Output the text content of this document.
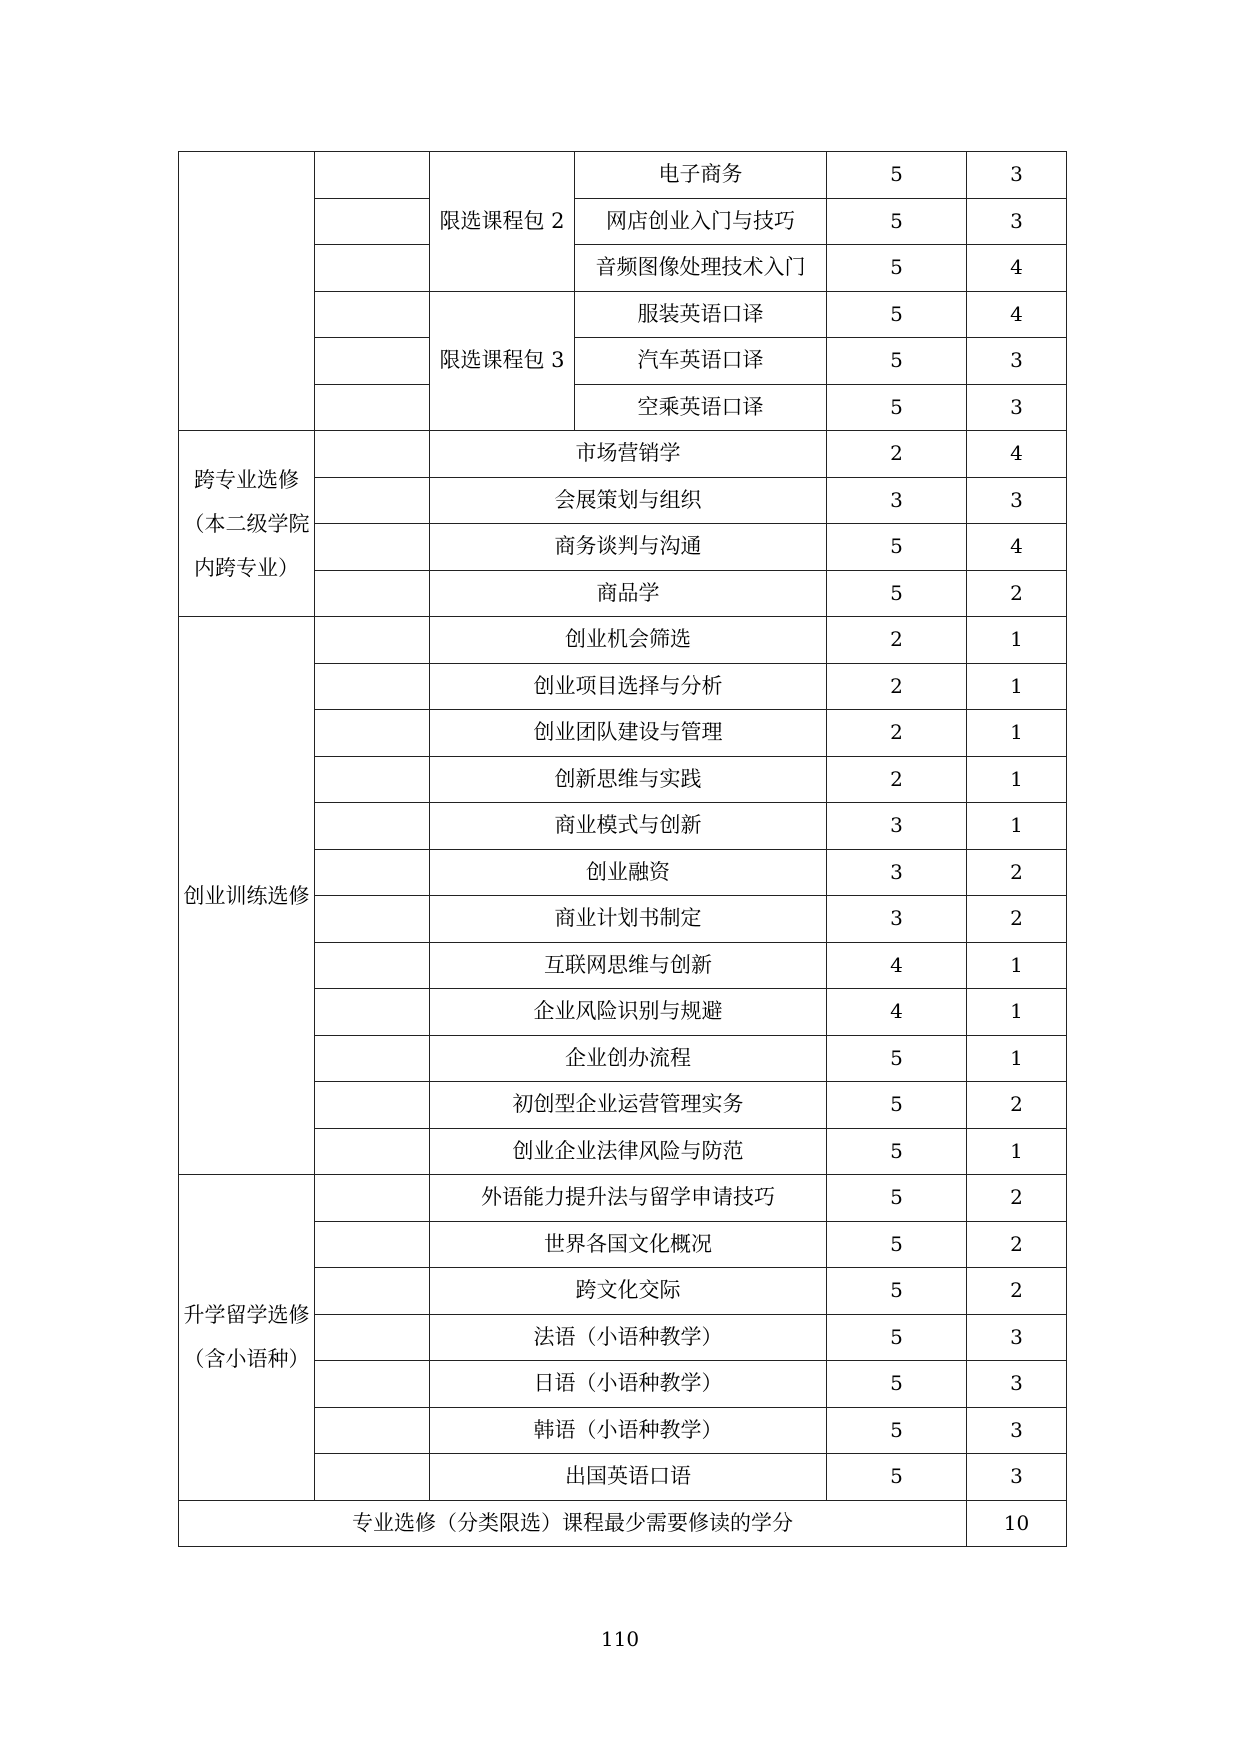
		限选课程包 2	电子商务	5	3
			网店创业入门与技巧	5	3
			音频图像处理技术入门	5	4
		限选课程包 3	服装英语口译	5	4
			汽车英语口译	5	3
			空乘英语口译	5	3
跨专业选修（本二级学院内跨专业）		市场营销学		2	4
		会展策划与组织		3	3
		商务谈判与沟通		5	4
		商品学		5	2
创业训练选修		创业机会筛选		2	1
		创业项目选择与分析		2	1
		创业团队建设与管理		2	1
		创新思维与实践		2	1
		商业模式与创新		3	1
		创业融资		3	2
		商业计划书制定		3	2
		互联网思维与创新		4	1
		企业风险识别与规避		4	1
		企业创办流程		5	1
		初创型企业运营管理实务		5	2
		创业企业法律风险与防范		5	1
升学留学选修（含小语种）		外语能力提升法与留学申请技巧		5	2
		世界各国文化概况		5	2
		跨文化交际		5	2
		法语（小语种教学）		5	3
		日语（小语种教学）		5	3
		韩语（小语种教学）		5	3
		出国英语口语		5	3
专业选修（分类限选）课程最少需要修读的学分					10
110
